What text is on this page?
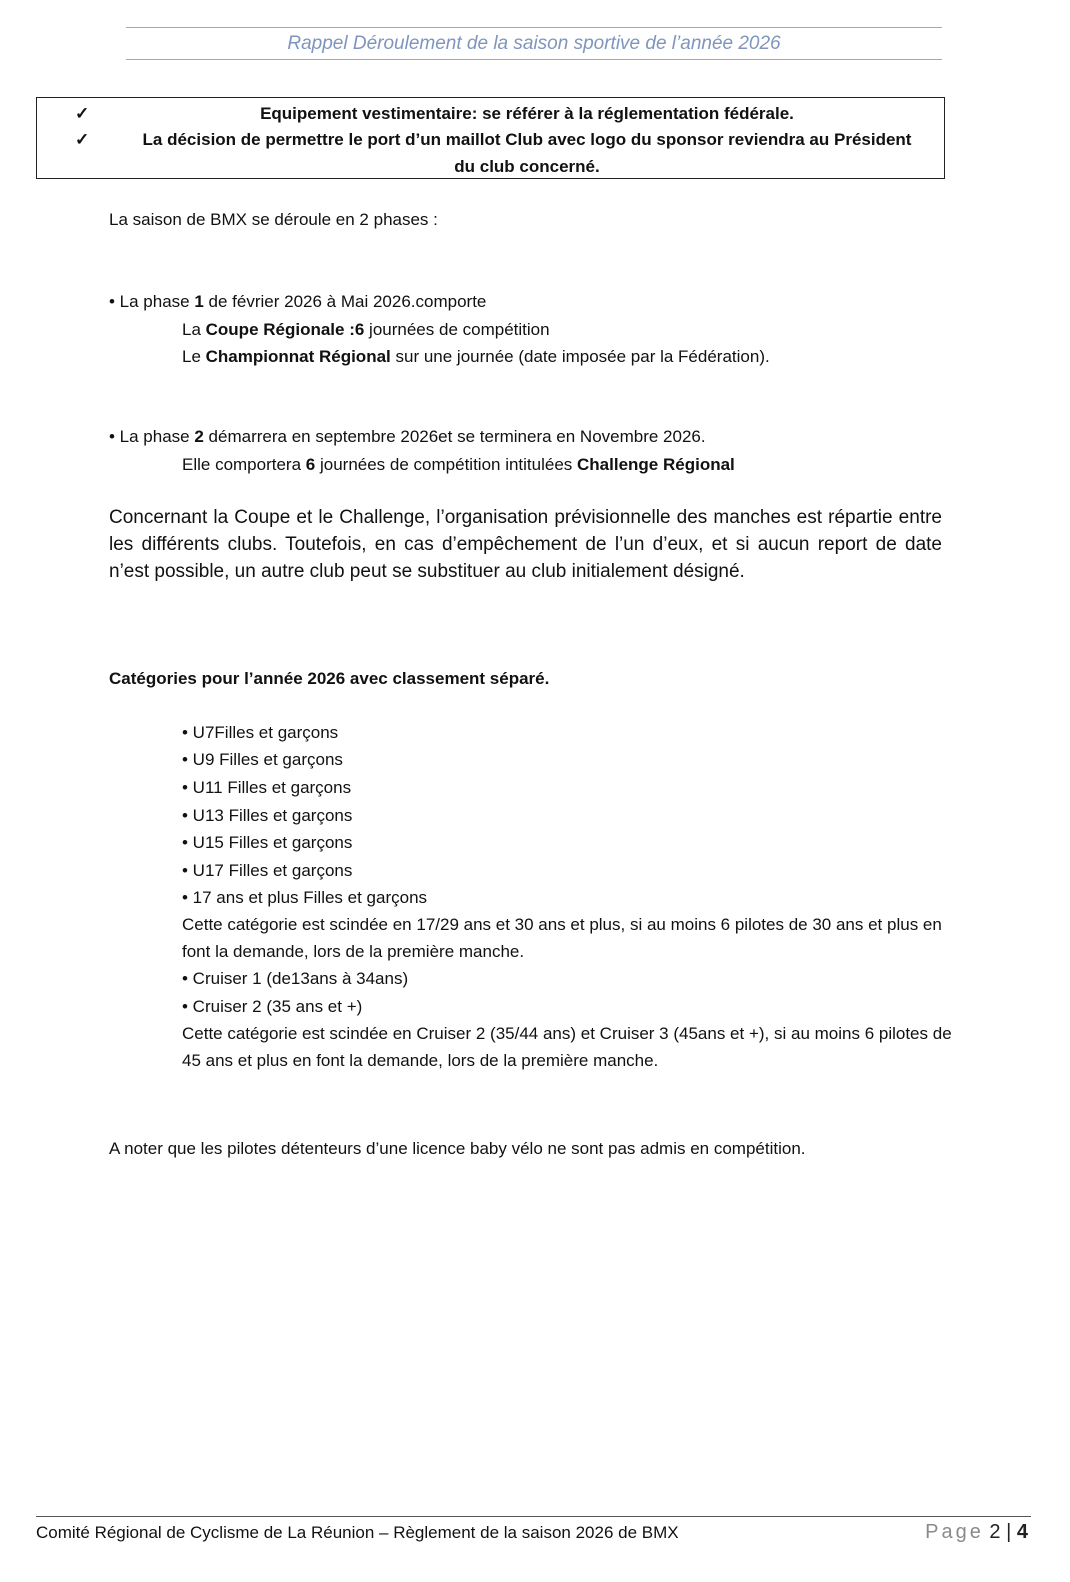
Rappel Déroulement de la saison sportive de l’année 2026
✓	Equipement vestimentaire: se référer à la réglementation fédérale.
✓	La décision de permettre le port d’un maillot Club avec logo du sponsor reviendra au Président
du club concerné.
La saison de BMX se déroule en 2 phases :
• La phase 1 de février 2026 à Mai 2026.comporte
La Coupe Régionale :6 journées de compétition
Le Championnat Régional sur une journée (date imposée par la Fédération).
• La phase 2 démarrera en septembre 2026et se terminera en Novembre 2026.
Elle comportera 6 journées de compétition intitulées Challenge Régional
Concernant la Coupe et le Challenge, l’organisation prévisionnelle des manches est répartie entre les différents clubs. Toutefois, en cas d’empêchement de l’un d’eux, et si aucun report de date n’est possible, un autre club peut se substituer au club initialement désigné.
Catégories pour l’année 2026 avec classement séparé.
• U7Filles et garçons
• U9 Filles et garçons
• U11 Filles et garçons
• U13 Filles et garçons
• U15 Filles et garçons
• U17 Filles et garçons
• 17 ans et plus Filles et garçons
Cette catégorie est scindée en 17/29 ans et 30 ans et plus, si au moins 6 pilotes de 30 ans et plus en
font la demande, lors de la première manche.
• Cruiser 1 (de13ans à 34ans)
• Cruiser 2 (35 ans et +)
Cette catégorie est scindée en Cruiser 2 (35/44 ans) et Cruiser 3 (45ans et +), si au moins 6 pilotes de
45 ans et plus en font la demande, lors de la première manche.
A noter que les pilotes détenteurs d’une licence baby vélo ne sont pas admis en compétition.
Comité Régional de Cyclisme de La Réunion – Règlement de la saison 2026 de BMX	Page 2 | 4
